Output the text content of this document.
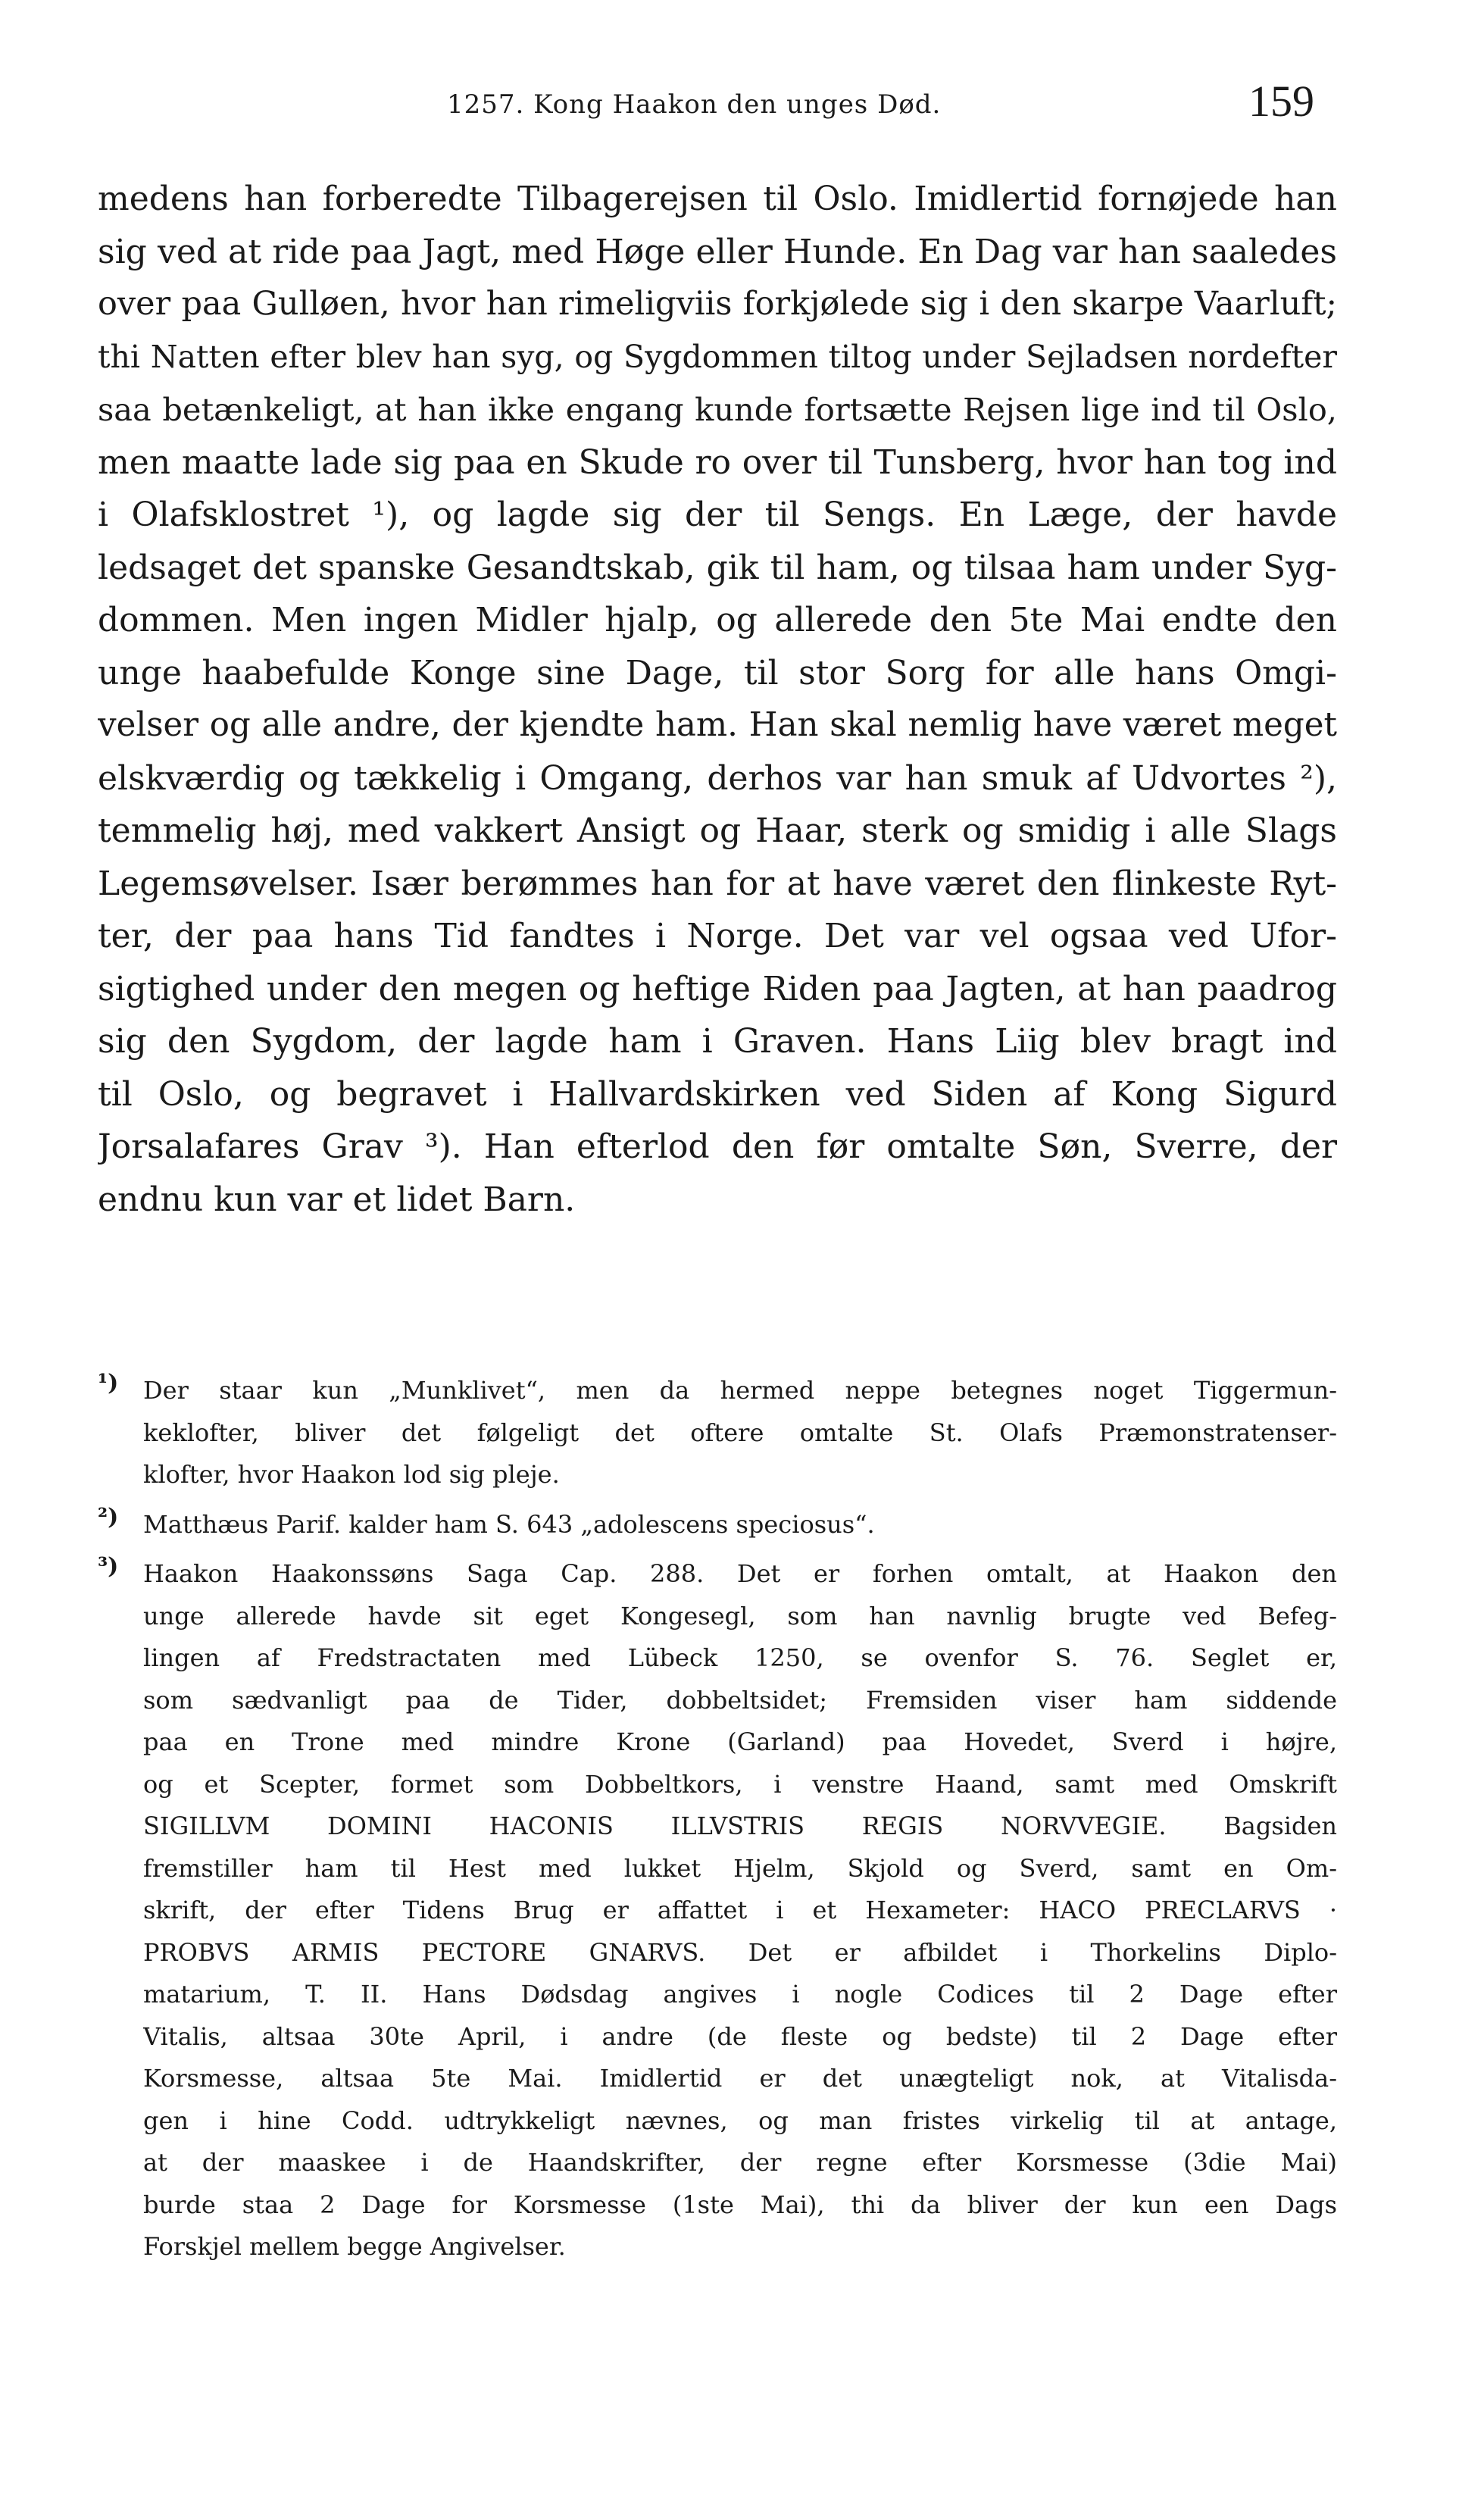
1257. Kong Haakon den unges Død.	159
medens han forberedte Tilbagerejsen til Oslo. Imidlertid fornøjede han
sig ved at ride paa Jagt, med Høge eller Hunde. En Dag var han saaledes
over paa Gulløen, hvor han rimeligviis forkjølede sig i den skarpe Vaarluft;
thi Natten efter blev han syg, og Sygdommen tiltog under Sejladsen nordefter
saa betænkeligt, at han ikke engang kunde fortsætte Rejsen lige ind til Oslo,
men maatte lade sig paa en Skude ro over til Tunsberg, hvor han tog ind
i Olafsklostret ¹), og lagde sig der til Sengs. En Læge, der havde
ledsaget det spanske Gesandtskab, gik til ham, og tilsaa ham under Syg-
dommen. Men ingen Midler hjalp, og allerede den 5te Mai endte den
unge haabefulde Konge sine Dage, til stor Sorg for alle hans Omgi-
velser og alle andre, der kjendte ham. Han skal nemlig have været meget
elskværdig og tækkelig i Omgang, derhos var han smuk af Udvortes ²),
temmelig høj, med vakkert Ansigt og Haar, sterk og smidig i alle Slags
Legemsøvelser. Især berømmes han for at have været den flinkeste Ryt-
ter, der paa hans Tid fandtes i Norge. Det var vel ogsaa ved Ufor-
sigtighed under den megen og heftige Riden paa Jagten, at han paadrog
sig den Sygdom, der lagde ham i Graven. Hans Liig blev bragt ind
til Oslo, og begravet i Hallvardskirken ved Siden af Kong Sigurd
Jorsalafares Grav ³). Han efterlod den før omtalte Søn, Sverre, der
endnu kun var et lidet Barn.
¹) Der staar kun „Munklivet“, men da hermed neppe betegnes noget Tiggermun-
keklofter, bliver det følgeligt det oftere omtalte St. Olafs Præmonstratenser-
klofter, hvor Haakon lod sig pleje.
²) Matthæus Parif. kalder ham S. 643 „adolescens speciosus“.
³) Haakon Haakonssøns Saga Cap. 288. Det er forhen omtalt, at Haakon den
unge allerede havde sit eget Kongesegl, som han navnlig brugte ved Befeg-
lingen af Fredstractaten med Lübeck 1250, se ovenfor S. 76. Seglet er,
som sædvanligt paa de Tider, dobbeltsidet; Fremsiden viser ham siddende
paa en Trone med mindre Krone (Garland) paa Hovedet, Sverd i højre,
og et Scepter, formet som Dobbeltkors, i venstre Haand, samt med Omskrift
SIGILLVM DOMINI HACONIS ILLVSTRIS REGIS NORVVEGIE. Bagsiden
fremstiller ham til Hest med lukket Hjelm, Skjold og Sverd, samt en Om-
skrift, der efter Tidens Brug er affattet i et Hexameter: HACO PRECLARVS ·
PROBVS ARMIS PECTORE GNARVS. Det er afbildet i Thorkelins Diplo-
matarium, T. II. Hans Dødsdag angives i nogle Codices til 2 Dage efter
Vitalis, altsaa 30te April, i andre (de fleste og bedste) til 2 Dage efter
Korsmesse, altsaa 5te Mai. Imidlertid er det unægteligt nok, at Vitalisda-
gen i hine Codd. udtrykkeligt nævnes, og man fristes virkelig til at antage,
at der maaskee i de Haandskrifter, der regne efter Korsmesse (3die Mai)
burde staa 2 Dage for Korsmesse (1ste Mai), thi da bliver der kun een Dags
Forskjel mellem begge Angivelser.
